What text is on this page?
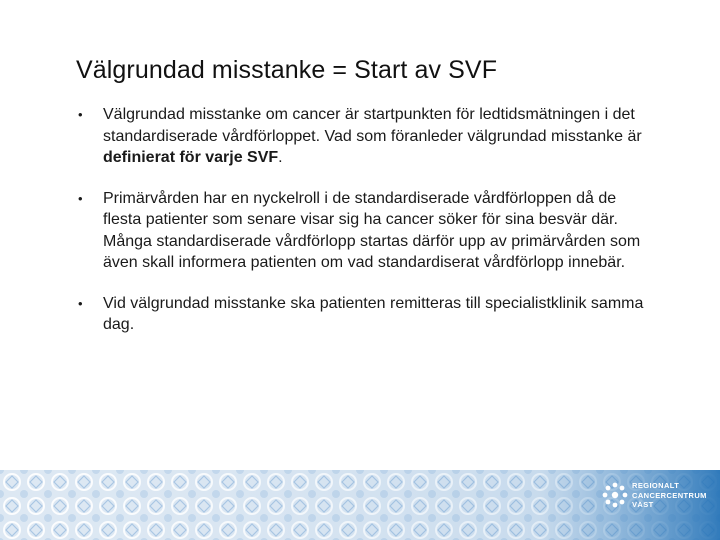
Välgrundad misstanke = Start av SVF
• Välgrundad misstanke om cancer är startpunkten för ledtidsmätningen i det standardiserade vårdförloppet. Vad som föranleder välgrundad misstanke är definierat för varje SVF.
• Primärvården har en nyckelroll i de standardiserade vårdförloppen då de flesta patienter som senare visar sig ha cancer söker för sina besvär där. Många standardiserade vårdförlopp startas därför upp av primärvården som även skall informera patienten om vad standardiserat vårdförlopp innebär.
• Vid välgrundad misstanke ska patienten remitteras till specialistklinik samma dag.
REGIONALT
CANCERCENTRUM
VÄST
